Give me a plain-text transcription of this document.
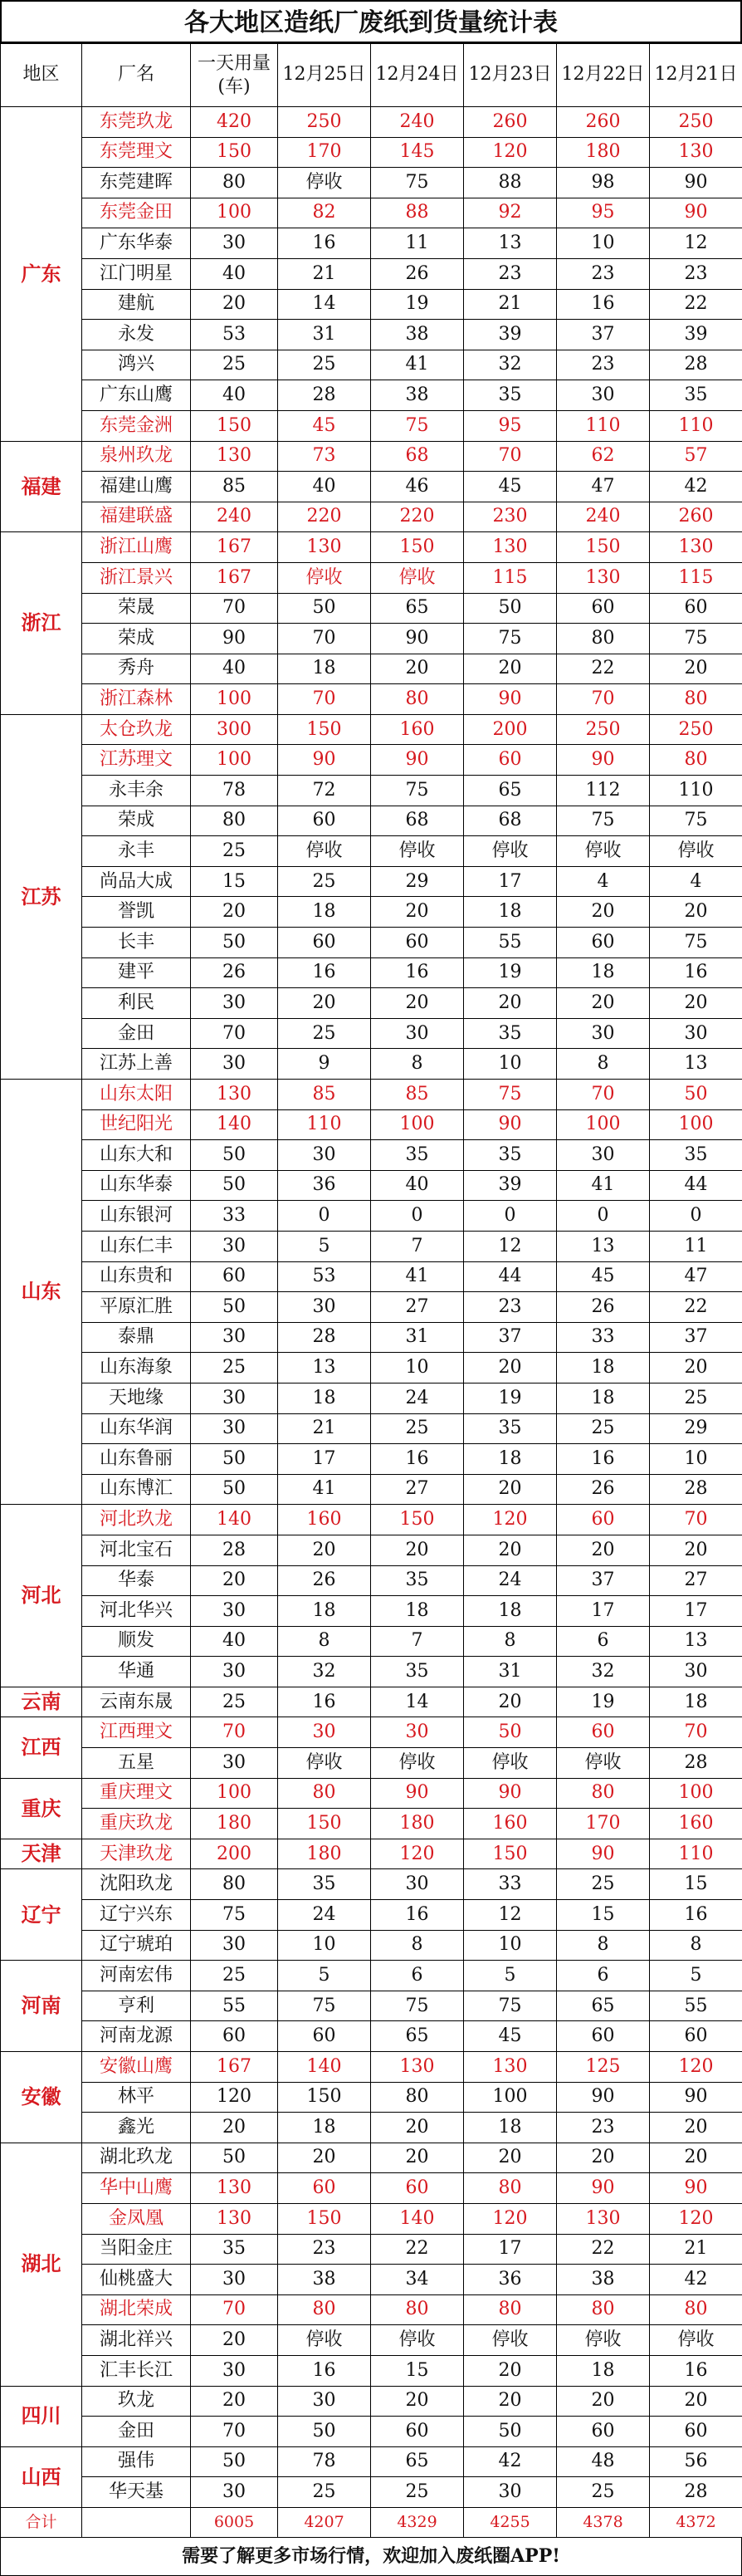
各大地区造纸厂废纸到货量统计表
地区	厂名	一天用量(车)	12月25日	12月24日	12月23日	12月22日	12月21日
广东	东莞玖龙	420	250	240	260	260	250
	东莞理文	150	170	145	120	180	130
	东莞建晖	80	停收	75	88	98	90
	东莞金田	100	82	88	92	95	90
	广东华泰	30	16	11	13	10	12
	江门明星	40	21	26	23	23	23
	建航	20	14	19	21	16	22
	永发	53	31	38	39	37	39
	鸿兴	25	25	41	32	23	28
	广东山鹰	40	28	38	35	30	35
	东莞金洲	150	45	75	95	110	110
福建	泉州玖龙	130	73	68	70	62	57
	福建山鹰	85	40	46	45	47	42
	福建联盛	240	220	220	230	240	260
浙江	浙江山鹰	167	130	150	130	150	130
	浙江景兴	167	停收	停收	115	130	115
	荣晟	70	50	65	50	60	60
	荣成	90	70	90	75	80	75
	秀舟	40	18	20	20	22	20
	浙江森林	100	70	80	90	70	80
江苏	太仓玖龙	300	150	160	200	250	250
	江苏理文	100	90	90	60	90	80
	永丰余	78	72	75	65	112	110
	荣成	80	60	68	68	75	75
	永丰	25	停收	停收	停收	停收	停收
	尚品大成	15	25	29	17	4	4
	誉凯	20	18	20	18	20	20
	长丰	50	60	60	55	60	75
	建平	26	16	16	19	18	16
	利民	30	20	20	20	20	20
	金田	70	25	30	35	30	30
	江苏上善	30	9	8	10	8	13
山东	山东太阳	130	85	85	75	70	50
	世纪阳光	140	110	100	90	100	100
	山东大和	50	30	35	35	30	35
	山东华泰	50	36	40	39	41	44
	山东银河	33	0	0	0	0	0
	山东仁丰	30	5	7	12	13	11
	山东贵和	60	53	41	44	45	47
	平原汇胜	50	30	27	23	26	22
	泰鼎	30	28	31	37	33	37
	山东海象	25	13	10	20	18	20
	天地缘	30	18	24	19	18	25
	山东华润	30	21	25	35	25	29
	山东鲁丽	50	17	16	18	16	10
	山东博汇	50	41	27	20	26	28
河北	河北玖龙	140	160	150	120	60	70
	河北宝石	28	20	20	20	20	20
	华泰	20	26	35	24	37	27
	河北华兴	30	18	18	18	17	17
	顺发	40	8	7	8	6	13
	华通	30	32	35	31	32	30
云南	云南东晟	25	16	14	20	19	18
江西	江西理文	70	30	30	50	60	70
	五星	30	停收	停收	停收	停收	28
重庆	重庆理文	100	80	90	90	80	100
	重庆玖龙	180	150	180	160	170	160
天津	天津玖龙	200	180	120	150	90	110
辽宁	沈阳玖龙	80	35	30	33	25	15
	辽宁兴东	75	24	16	12	15	16
	辽宁琥珀	30	10	8	10	8	8
河南	河南宏伟	25	5	6	5	6	5
	亨利	55	75	75	75	65	55
	河南龙源	60	60	65	45	60	60
安徽	安徽山鹰	167	140	130	130	125	120
	林平	120	150	80	100	90	90
	鑫光	20	18	20	18	23	20
湖北	湖北玖龙	50	20	20	20	20	20
	华中山鹰	130	60	60	80	90	90
	金凤凰	130	150	140	120	130	120
	当阳金庄	35	23	22	17	22	21
	仙桃盛大	30	38	34	36	38	42
	湖北荣成	70	80	80	80	80	80
	湖北祥兴	20	停收	停收	停收	停收	停收
	汇丰长江	30	16	15	20	18	16
四川	玖龙	20	30	20	20	20	20
	金田	70	50	60	50	60	60
山西	强伟	50	78	65	42	48	56
	华天基	30	25	25	30	25	28
合计		6005	4207	4329	4255	4378	4372
需要了解更多市场行情，欢迎加入废纸圈APP!
